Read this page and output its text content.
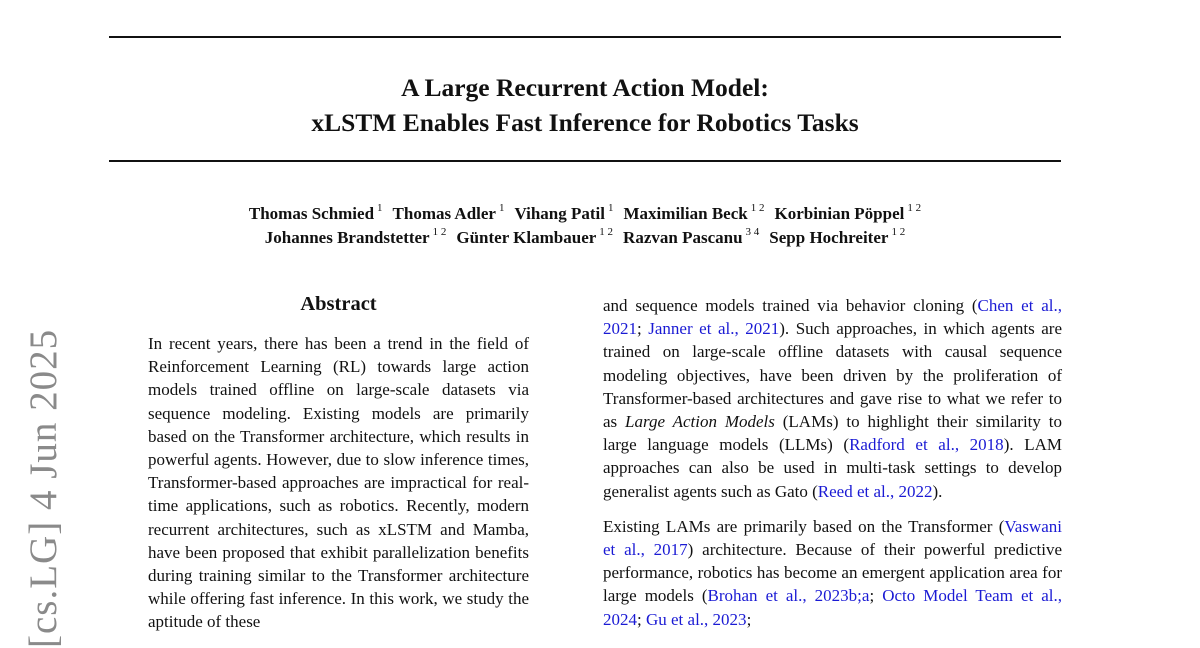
A Large Recurrent Action Model:
xLSTM Enables Fast Inference for Robotics Tasks
Thomas Schmied $^1$ Thomas Adler $^1$ Vihang Patil $^1$ Maximilian Beck $^{1 2}$ Korbinian Pöppel $^{1 2}$
Johannes Brandstetter $^{1 2}$ Günter Klambauer $^{1 2}$ Razvan Pascanu $^{3 4}$ Sepp Hochreiter $^{1 2}$
[cs.LG] 4 Jun 2025
Abstract

In recent years, there has been a trend in the field of Reinforcement Learning (RL) towards large action models trained offline on large-scale datasets via sequence modeling. Existing models are primarily based on the Transformer architecture, which results in powerful agents. However, due to slow inference times, Transformer-based approaches are impractical for real-time applications, such as robotics. Recently, modern recurrent architectures, such as xLSTM and Mamba, have been proposed that exhibit parallelization benefits during training similar to the Transformer architecture while offering fast inference. In this work, we study the aptitude of these

and sequence models trained via behavior cloning (Chen et al., 2021; Janner et al., 2021). Such approaches, in which agents are trained on large-scale offline datasets with causal sequence modeling objectives, have been driven by the proliferation of Transformer-based architectures and gave rise to what we refer to as Large Action Models (LAMs) to highlight their similarity to large language models (LLMs) (Radford et al., 2018). LAM approaches can also be used in multi-task settings to develop generalist agents such as Gato (Reed et al., 2022).

Existing LAMs are primarily based on the Transformer (Vaswani et al., 2017) architecture. Because of their powerful predictive performance, robotics has become an emergent application area for large models (Brohan et al., 2023b;a; Octo Model Team et al., 2024; Gu et al., 2023;
